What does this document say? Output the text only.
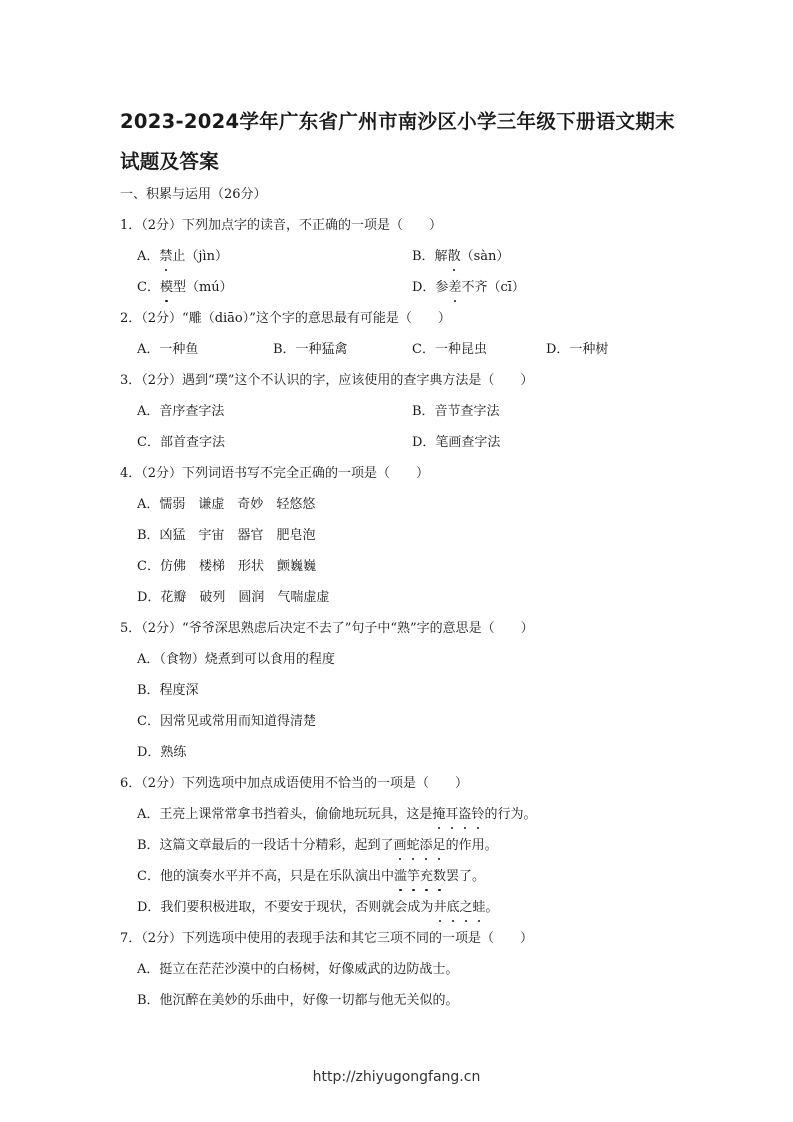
2023-2024学年广东省广州市南沙区小学三年级下册语文期末试题及答案
一、积累与运用（26分）
1．（2分）下列加点字的读音，不正确的一项是（　　）
A．禁止（jìn）	B．解散（sàn）
C．模型（mú）	D．参差不齐（cī）
2．（2分）“雕（diāo）”这个字的意思最有可能是（　　）
A．一种鱼	B．一种猛禽	C．一种昆虫	D．一种树
3．（2分）遇到“璞”这个不认识的字，应该使用的查字典方法是（　　）
A．音序查字法	B．音节查字法
C．部首查字法	D．笔画查字法
4．（2分）下列词语书写不完全正确的一项是（　　）
A．懦弱　谦虚　奇妙　轻悠悠
B．凶猛　宇宙　器官　肥皂泡
C．仿佛　楼梯　形状　颤巍巍
D．花瓣　破列　圆润　气喘虚虚
5．（2分）“爷爷深思熟虑后决定不去了”句子中“熟”字的意思是（　　）
A．（食物）烧煮到可以食用的程度
B．程度深
C．因常见或常用而知道得清楚
D．熟练
6．（2分）下列选项中加点成语使用不恰当的一项是（　　）
A．王亮上课常常拿书挡着头，偷偷地玩玩具，这是掩耳盗铃的行为。
B．这篇文章最后的一段话十分精彩，起到了画蛇添足的作用。
C．他的演奏水平并不高，只是在乐队演出中滥竽充数罢了。
D．我们要积极进取，不要安于现状，否则就会成为井底之蛙。
7．（2分）下列选项中使用的表现手法和其它三项不同的一项是（　　）
A．挺立在茫茫沙漠中的白杨树，好像威武的边防战士。
B．他沉醉在美妙的乐曲中，好像一切都与他无关似的。
http://zhiyugongfang.cn
